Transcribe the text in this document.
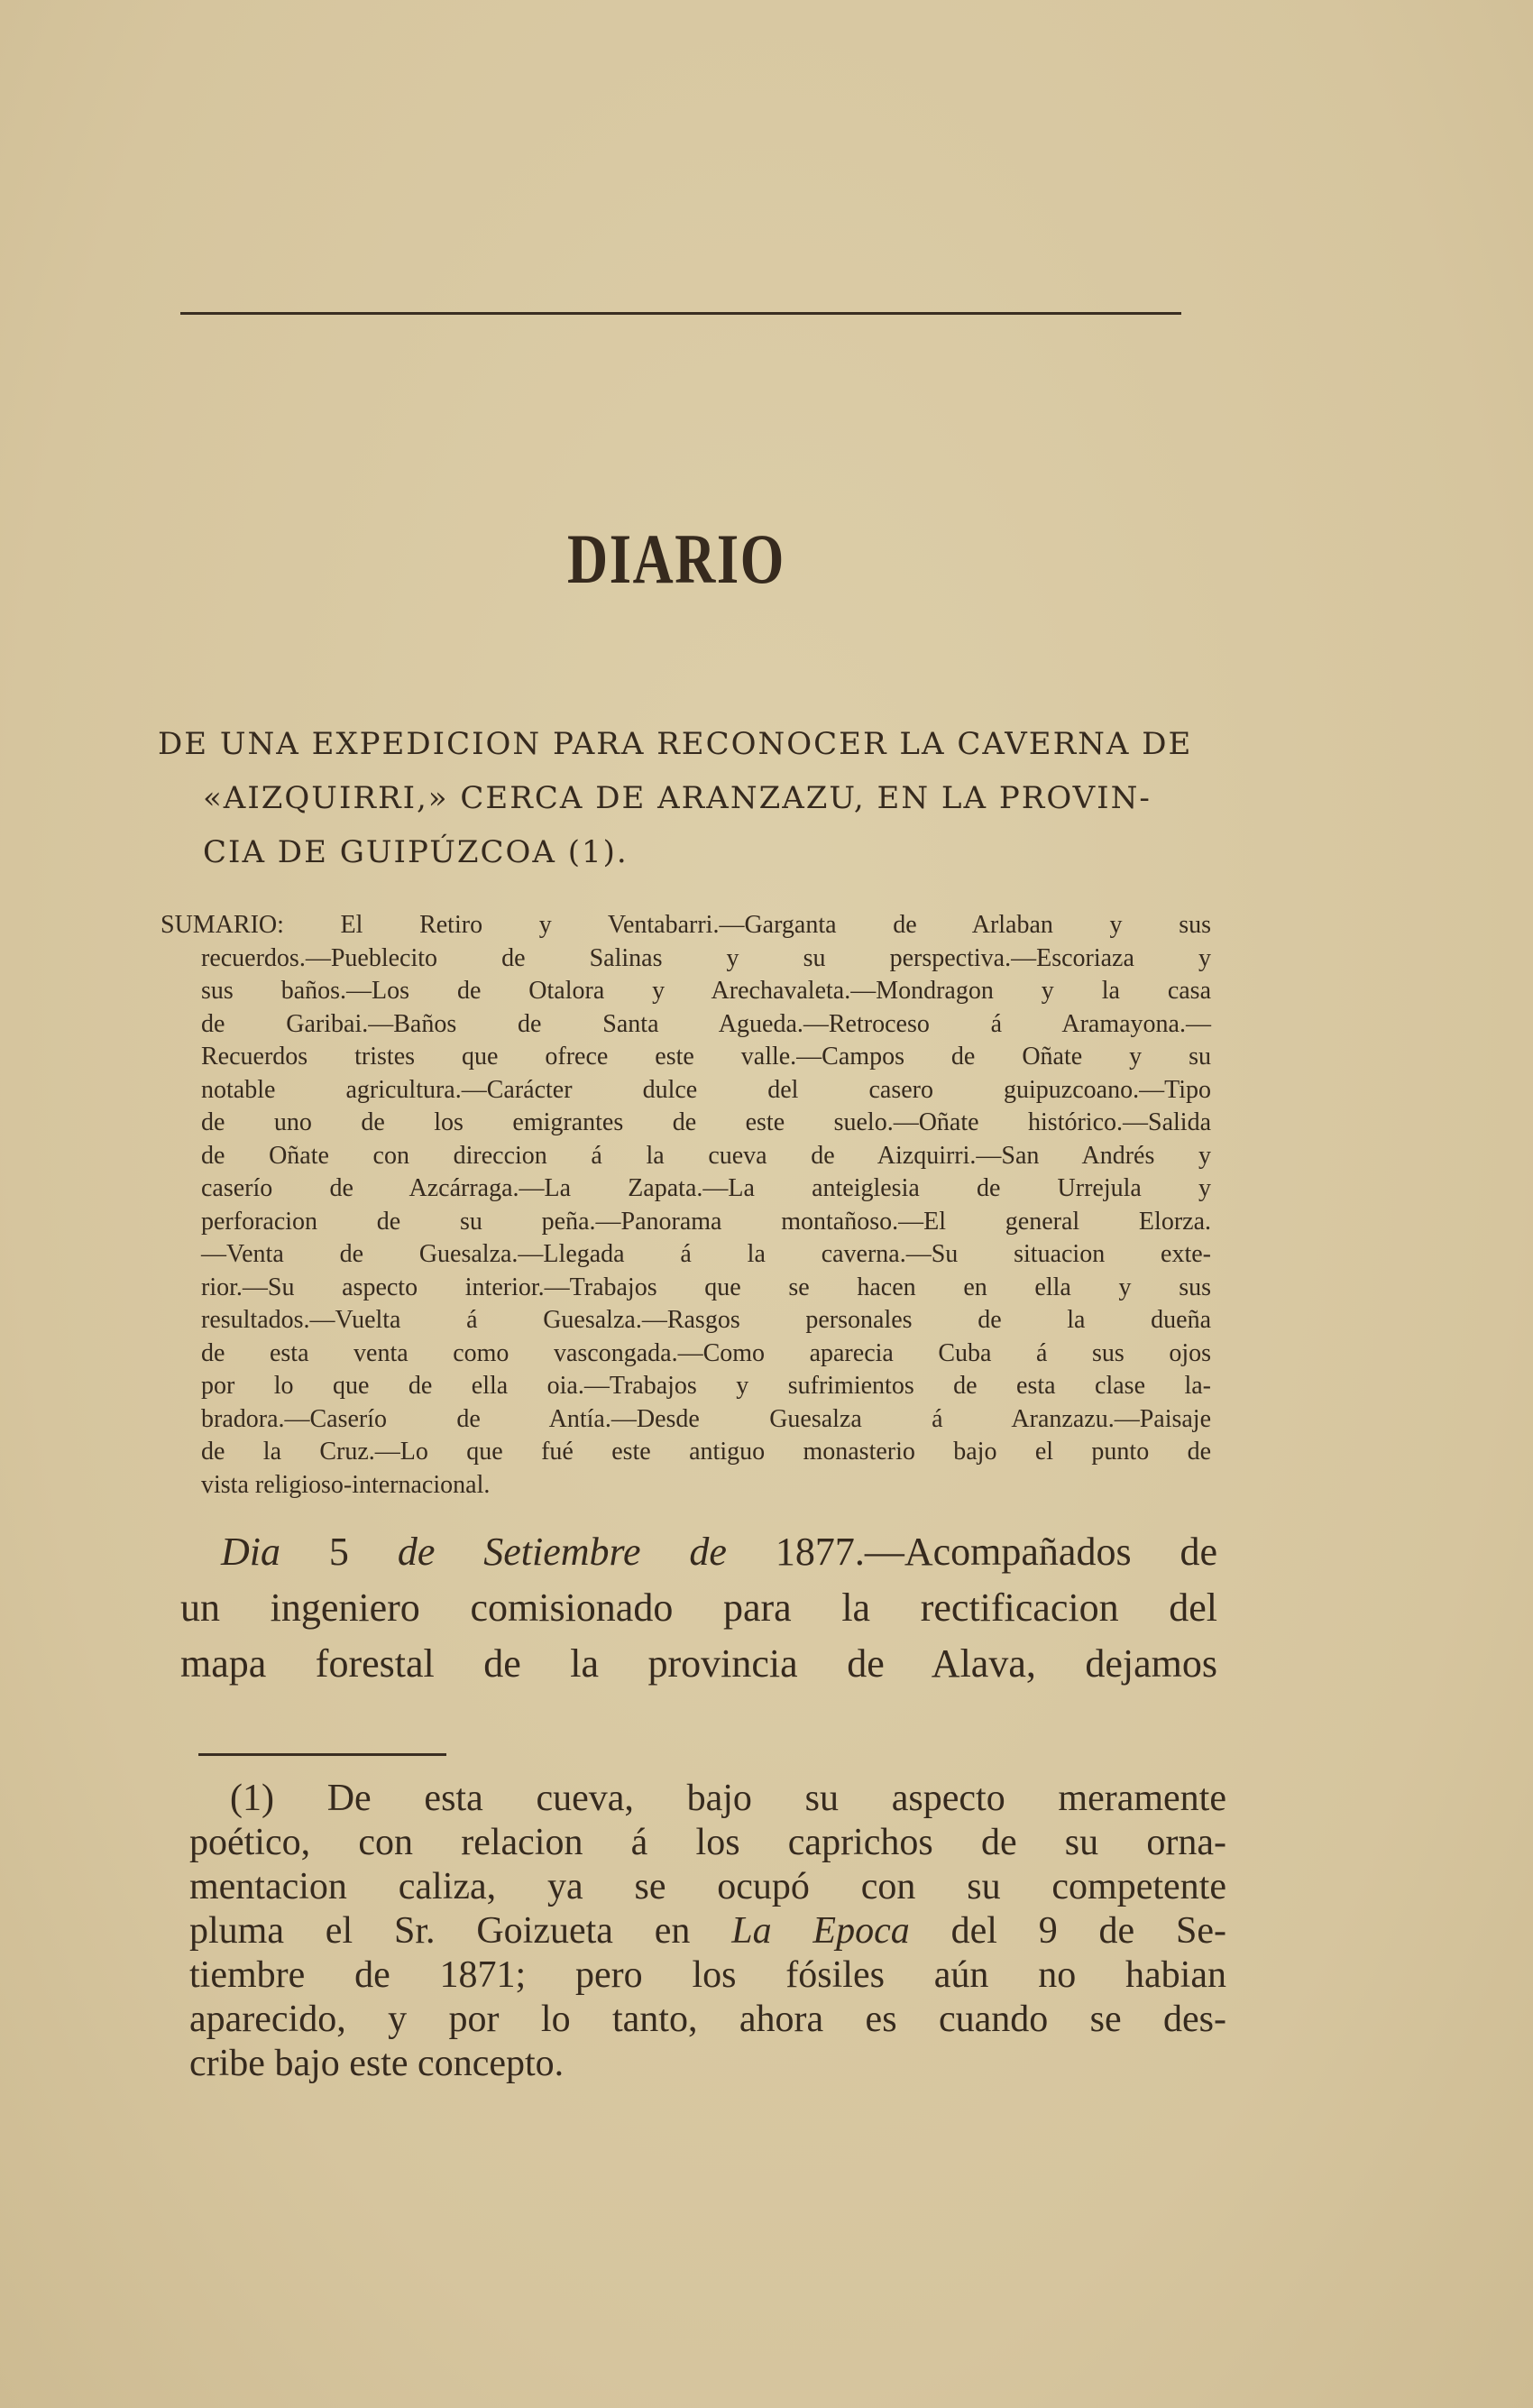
DIARIO
DE UNA EXPEDICION PARA RECONOCER LA CAVERNA DE
«AIZQUIRRI,» CERCA DE ARANZAZU, EN LA PROVIN-
CIA DE GUIPÚZCOA (1).
SUMARIO: El Retiro y Ventabarri.—Garganta de Arlaban y sus
recuerdos.—Pueblecito de Salinas y su perspectiva.—Escoriaza y
sus baños.—Los de Otalora y Arechavaleta.—Mondragon y la casa
de Garibai.—Baños de Santa Agueda.—Retroceso á Aramayona.—
Recuerdos tristes que ofrece este valle.—Campos de Oñate y su
notable agricultura.—Carácter dulce del casero guipuzcoano.—Tipo
de uno de los emigrantes de este suelo.—Oñate histórico.—Salida
de Oñate con direccion á la cueva de Aizquirri.—San Andrés y
caserío de Azcárraga.—La Zapata.—La anteiglesia de Urrejula y
perforacion de su peña.—Panorama montañoso.—El general Elorza.
—Venta de Guesalza.—Llegada á la caverna.—Su situacion exte-
rior.—Su aspecto interior.—Trabajos que se hacen en ella y sus
resultados.—Vuelta á Guesalza.—Rasgos personales de la dueña
de esta venta como vascongada.—Como aparecia Cuba á sus ojos
por lo que de ella oia.—Trabajos y sufrimientos de esta clase la-
bradora.—Caserío de Antía.—Desde Guesalza á Aranzazu.—Paisaje
de la Cruz.—Lo que fué este antiguo monasterio bajo el punto de
vista religioso-internacional.
Dia 5 de Setiembre de 1877.—Acompañados de
un ingeniero comisionado para la rectificacion del
mapa forestal de la provincia de Alava, dejamos
(1) De esta cueva, bajo su aspecto meramente
poético, con relacion á los caprichos de su orna-
mentacion caliza, ya se ocupó con su competente
pluma el Sr. Goizueta en La Epoca del 9 de Se-
tiembre de 1871; pero los fósiles aún no habian
aparecido, y por lo tanto, ahora es cuando se des-
cribe bajo este concepto.
